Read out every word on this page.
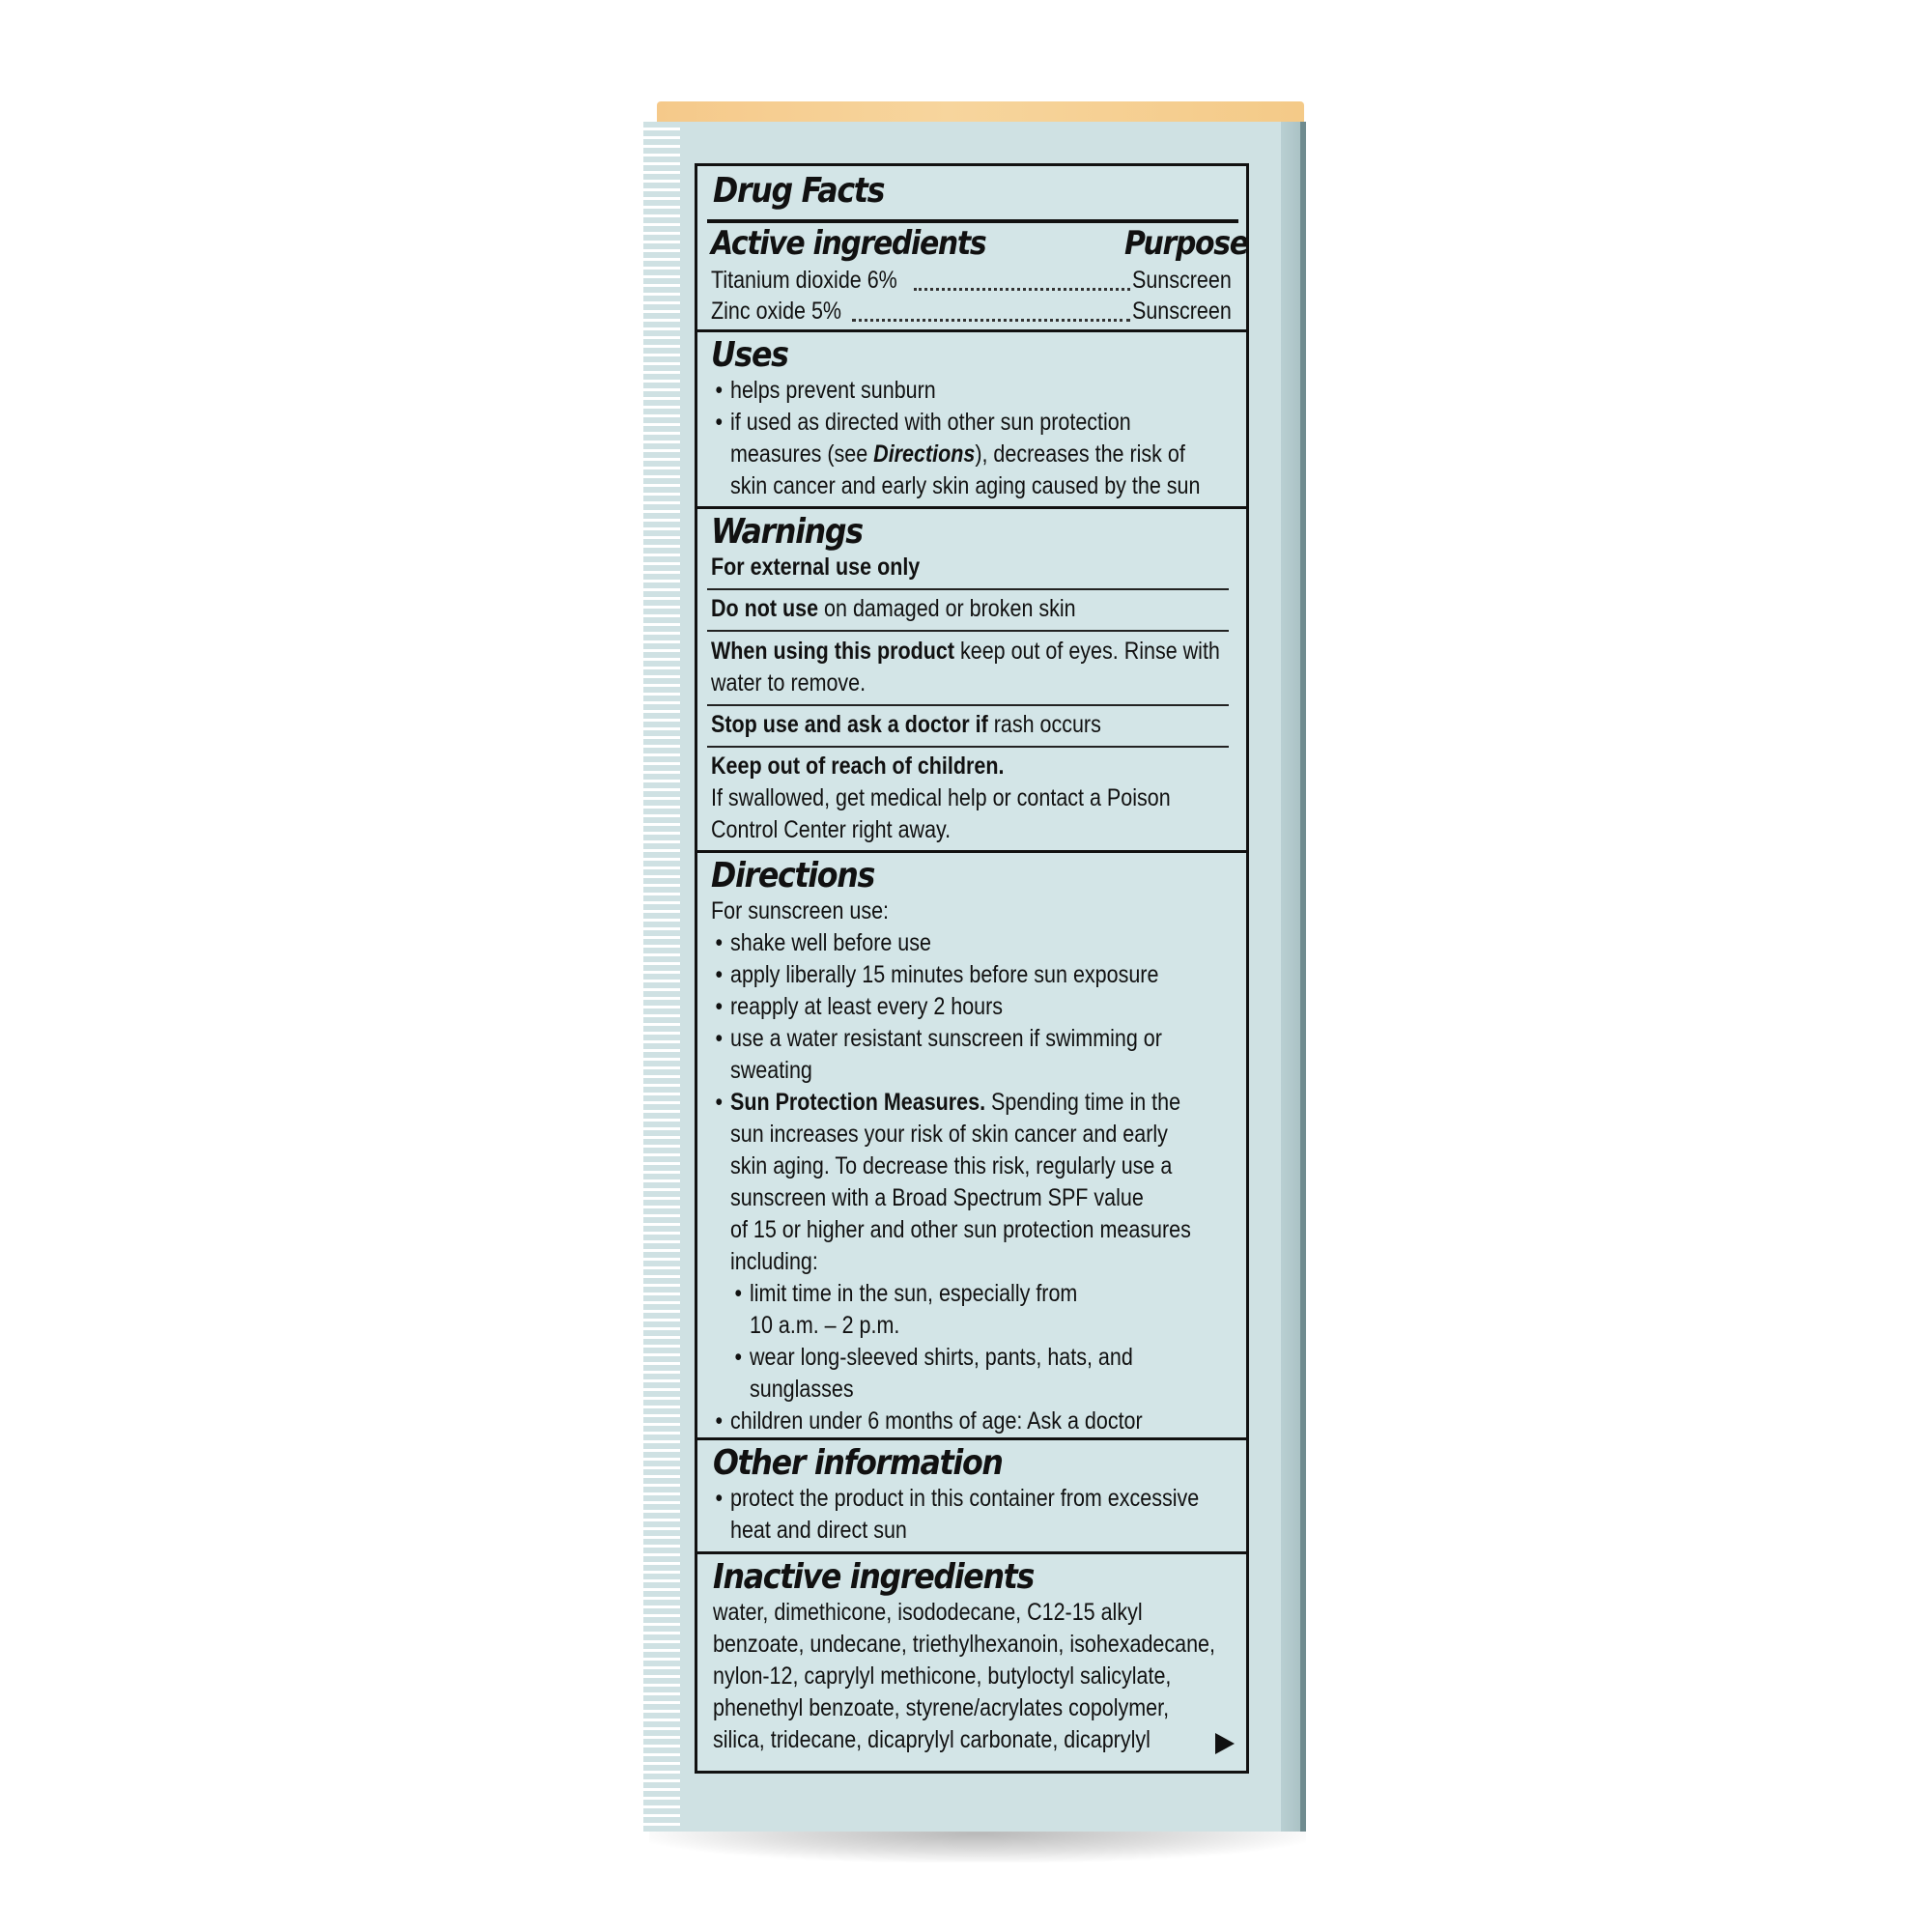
Drug Facts
Active ingredients	Purpose
Titanium dioxide 6%	Sunscreen
Zinc oxide 5%	Sunscreen
Uses
• helps prevent sunburn
• if used as directed with other sun protection
measures (see Directions), decreases the risk of
skin cancer and early skin aging caused by the sun
Warnings
For external use only
Do not use on damaged or broken skin
When using this product keep out of eyes. Rinse with
water to remove.
Stop use and ask a doctor if rash occurs
Keep out of reach of children.
If swallowed, get medical help or contact a Poison
Control Center right away.
Directions
For sunscreen use:
• shake well before use
• apply liberally 15 minutes before sun exposure
• reapply at least every 2 hours
• use a water resistant sunscreen if swimming or
sweating
• Sun Protection Measures. Spending time in the
sun increases your risk of skin cancer and early
skin aging. To decrease this risk, regularly use a
sunscreen with a Broad Spectrum SPF value
of 15 or higher and other sun protection measures
including:
• limit time in the sun, especially from
10 a.m. – 2 p.m.
• wear long-sleeved shirts, pants, hats, and
sunglasses
• children under 6 months of age: Ask a doctor
Other information
• protect the product in this container from excessive
heat and direct sun
Inactive ingredients
water, dimethicone, isododecane, C12-15 alkyl
benzoate, undecane, triethylhexanoin, isohexadecane,
nylon-12, caprylyl methicone, butyloctyl salicylate,
phenethyl benzoate, styrene/acrylates copolymer,
silica, tridecane, dicaprylyl carbonate, dicaprylyl
